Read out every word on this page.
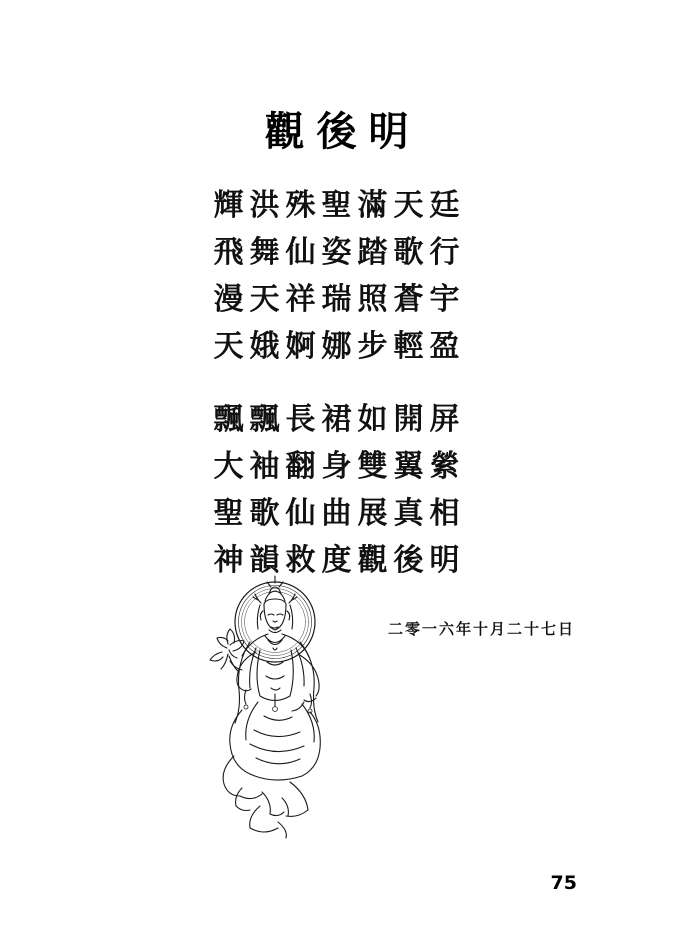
觀後明
輝洪殊聖滿天廷
飛舞仙姿踏歌行
漫天祥瑞照蒼宇
天娥婀娜步輕盈
飄飄長裙如開屏
大袖翻身雙翼縈
聖歌仙曲展真相
神韻救度觀後明
二零一六年十月二十七日
75
